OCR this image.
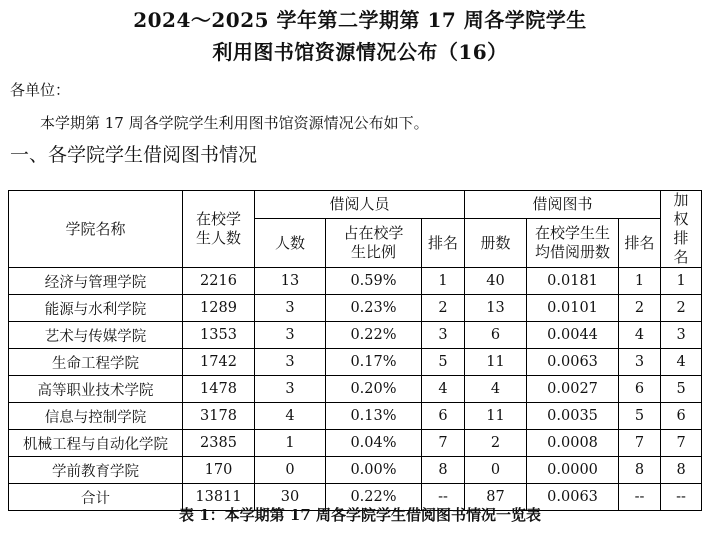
2024～2025 学年第二学期第 17 周各学院学生
利用图书馆资源情况公布（16）
各单位：
本学期第 17 周各学院学生利用图书馆资源情况公布如下。
一、各学院学生借阅图书情况
学院名称	在校学生人数	借阅人员			借阅图书			加权排名
		人数	占在校学生比例	排名	册数	在校学生生均借阅册数	排名	
经济与管理学院	2216	13	0.59%	1	40	0.0181	1	1
能源与水利学院	1289	3	0.23%	2	13	0.0101	2	2
艺术与传媒学院	1353	3	0.22%	3	6	0.0044	4	3
生命工程学院	1742	3	0.17%	5	11	0.0063	3	4
高等职业技术学院	1478	3	0.20%	4	4	0.0027	6	5
信息与控制学院	3178	4	0.13%	6	11	0.0035	5	6
机械工程与自动化学院	2385	1	0.04%	7	2	0.0008	7	7
学前教育学院	170	0	0.00%	8	0	0.0000	8	8
合计	13811	30	0.22%	--	87	0.0063	--	--
表 1：本学期第 17 周各学院学生借阅图书情况一览表
